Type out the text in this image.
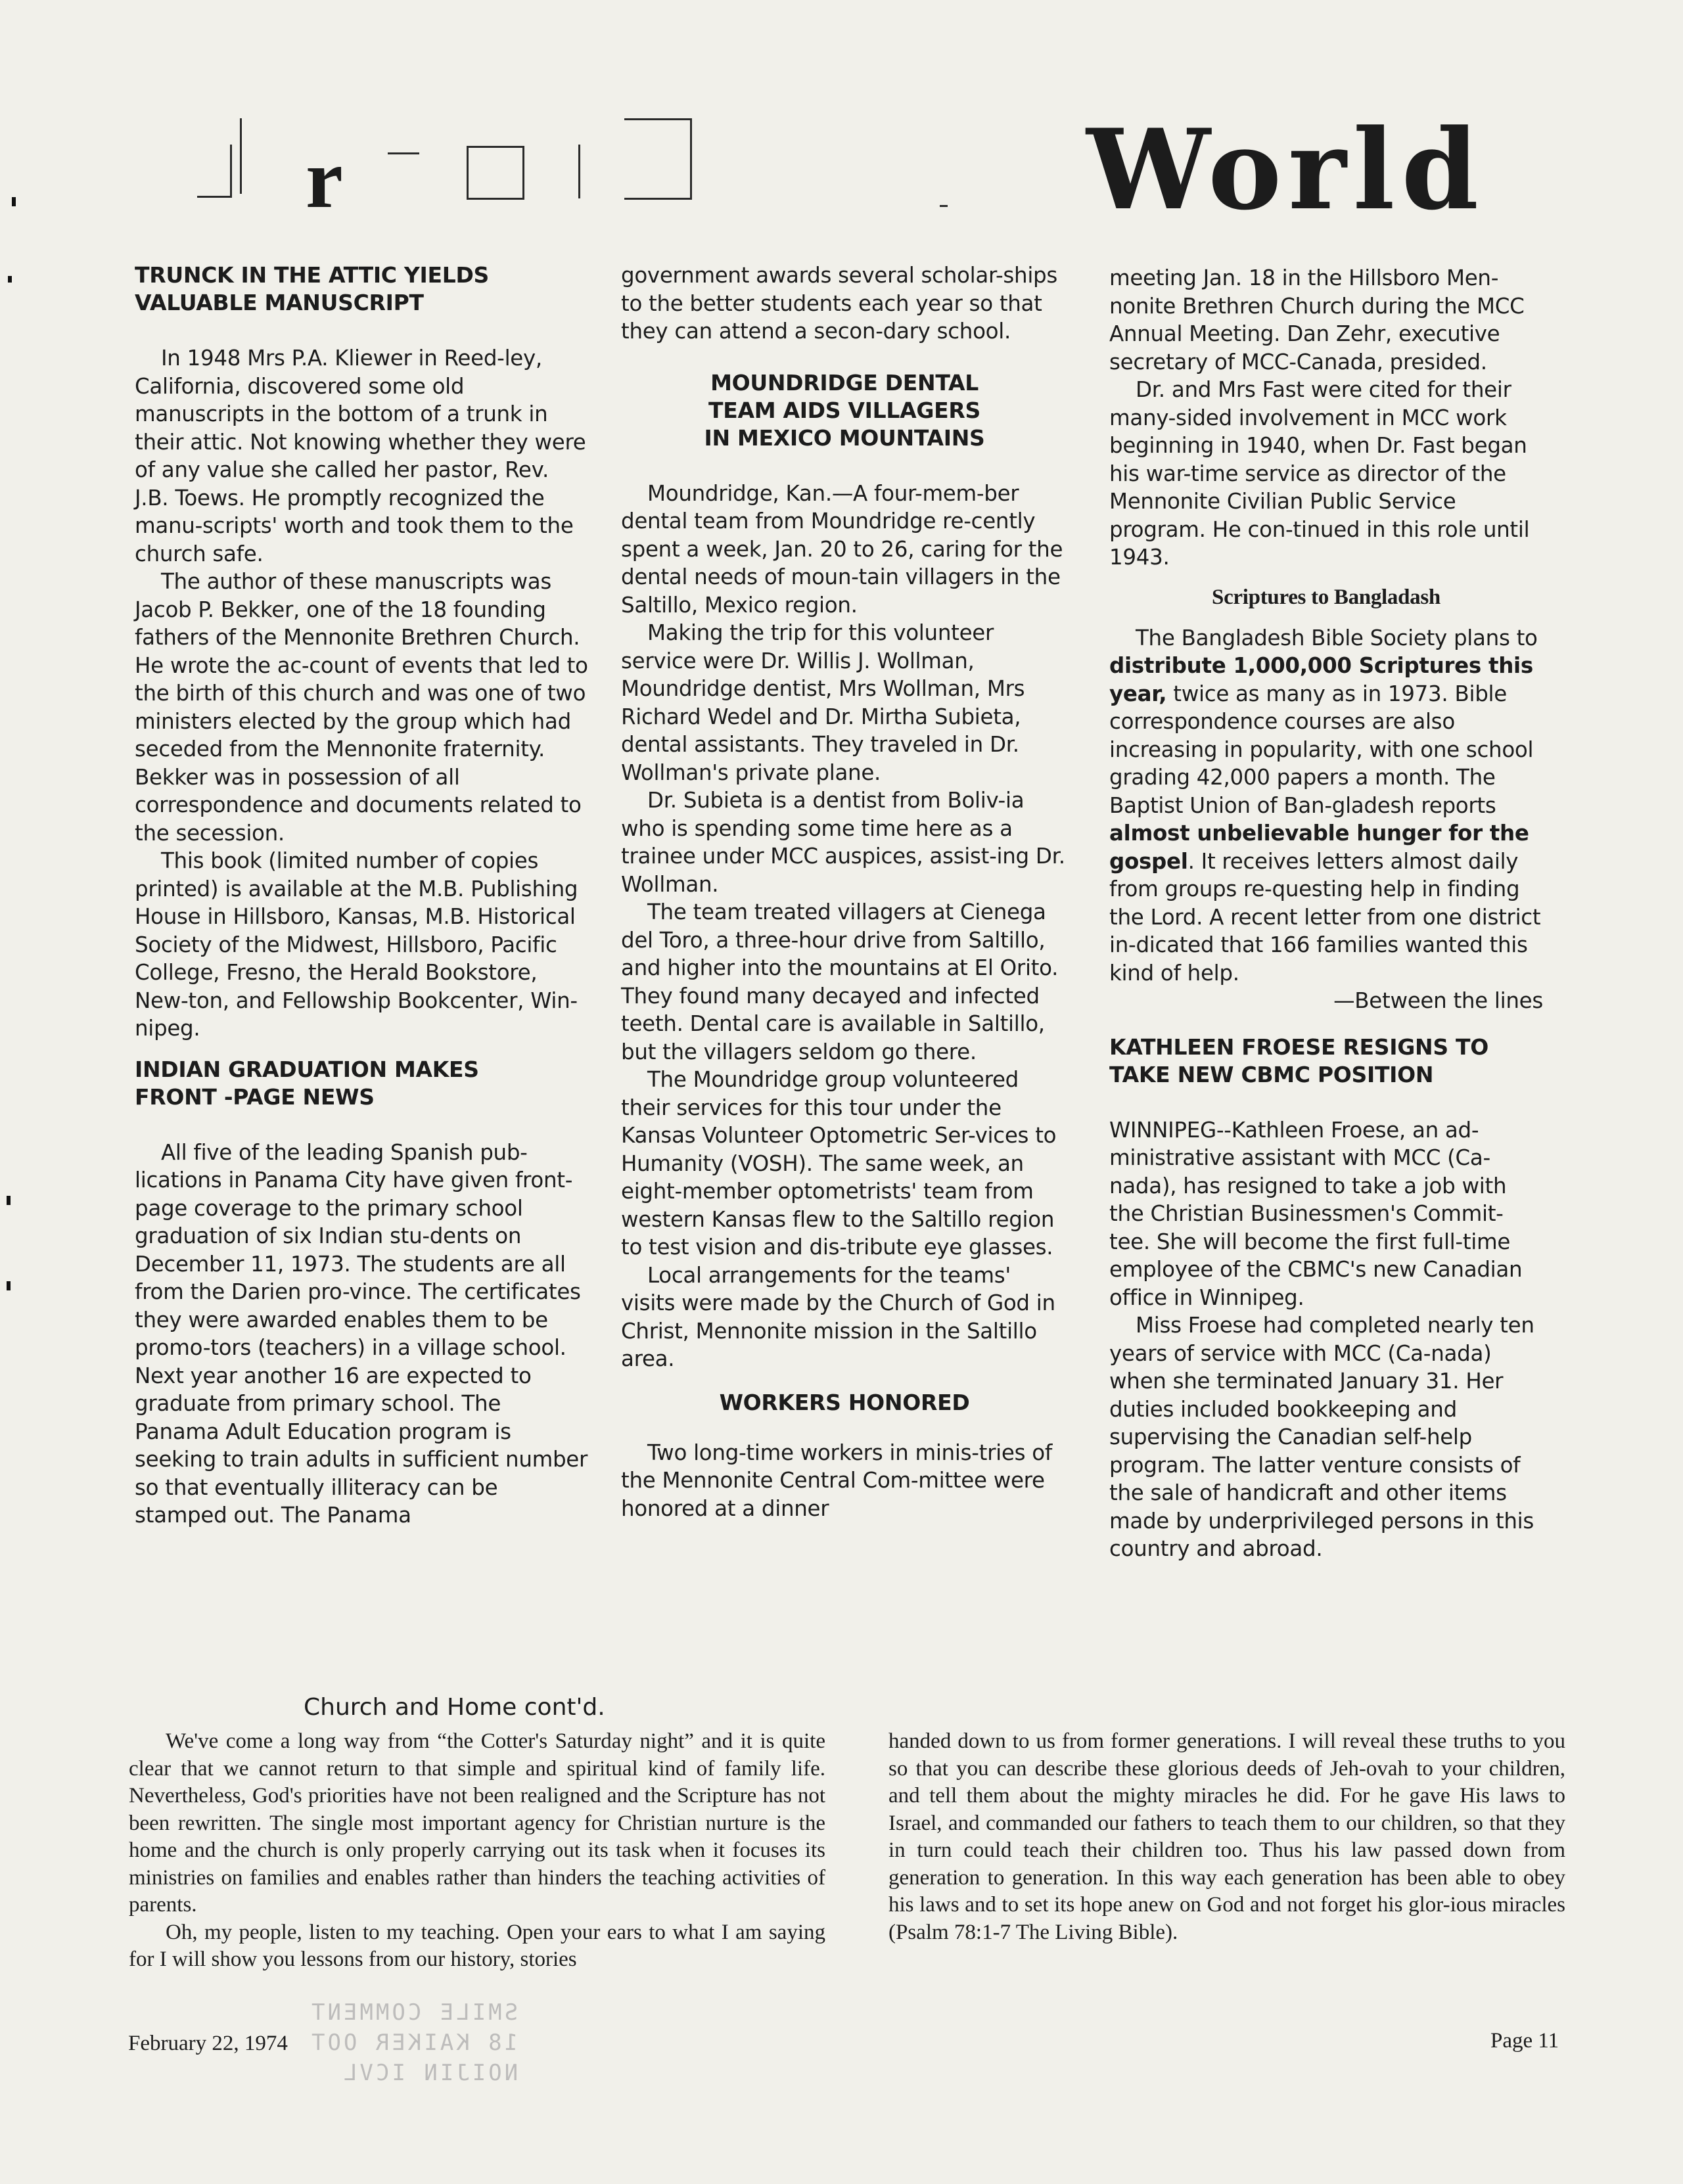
r	World
TRUNCK IN THE ATTIC YIELDS
VALUABLE MANUSCRIPT

In 1948 Mrs P.A. Kliewer in Reed-ley, California, discovered some old manuscripts in the bottom of a trunk in their attic. Not knowing whether they were of any value she called her pastor, Rev. J.B. Toews. He promptly recognized the manu-scripts' worth and took them to the church safe.

The author of these manuscripts was Jacob P. Bekker, one of the 18 founding fathers of the Mennonite Brethren Church. He wrote the ac-count of events that led to the birth of this church and was one of two ministers elected by the group which had seceded from the Mennonite fraternity. Bekker was in possession of all correspondence and documents related to the secession.

This book (limited number of copies printed) is available at the M.B. Publishing House in Hillsboro, Kansas, M.B. Historical Society of the Midwest, Hillsboro, Pacific College, Fresno, the Herald Bookstore, New-ton, and Fellowship Bookcenter, Win-nipeg.

INDIAN GRADUATION MAKES
FRONT -PAGE NEWS

All five of the leading Spanish pub-lications in Panama City have given front-page coverage to the primary school graduation of six Indian stu-dents on December 11, 1973. The students are all from the Darien pro-vince. The certificates they were awarded enables them to be promo-tors (teachers) in a village school. Next year another 16 are expected to graduate from primary school. The Panama Adult Education program is seeking to train adults in sufficient number so that eventually illiteracy can be stamped out. The Panama

government awards several scholar-ships to the better students each year so that they can attend a secon-dary school.

MOUNDRIDGE DENTAL
TEAM AIDS VILLAGERS
IN MEXICO MOUNTAINS

Moundridge, Kan.—A four-mem-ber dental team from Moundridge re-cently spent a week, Jan. 20 to 26, caring for the dental needs of moun-tain villagers in the Saltillo, Mexico region.

Making the trip for this volunteer service were Dr. Willis J. Wollman, Moundridge dentist, Mrs Wollman, Mrs Richard Wedel and Dr. Mirtha Subieta, dental assistants. They traveled in Dr. Wollman's private plane.

Dr. Subieta is a dentist from Boliv-ia who is spending some time here as a trainee under MCC auspices, assist-ing Dr. Wollman.

The team treated villagers at Cienega del Toro, a three-hour drive from Saltillo, and higher into the mountains at El Orito. They found many decayed and infected teeth. Dental care is available in Saltillo, but the villagers seldom go there.

The Moundridge group volunteered their services for this tour under the Kansas Volunteer Optometric Ser-vices to Humanity (VOSH). The same week, an eight-member optometrists' team from western Kansas flew to the Saltillo region to test vision and dis-tribute eye glasses.

Local arrangements for the teams' visits were made by the Church of God in Christ, Mennonite mission in the Saltillo area.

WORKERS HONORED

Two long-time workers in minis-tries of the Mennonite Central Com-mittee were honored at a dinner

meeting Jan. 18 in the Hillsboro Men-nonite Brethren Church during the MCC Annual Meeting. Dan Zehr, executive secretary of MCC-Canada, presided.

Dr. and Mrs Fast were cited for their many-sided involvement in MCC work beginning in 1940, when Dr. Fast began his war-time service as director of the Mennonite Civilian Public Service program. He con-tinued in this role until 1943.

Scriptures to Bangladash

The Bangladesh Bible Society plans to distribute 1,000,000 Scriptures this year, twice as many as in 1973. Bible correspondence courses are also increasing in popularity, with one school grading 42,000 papers a month. The Baptist Union of Ban-gladesh reports almost unbelievable hunger for the gospel. It receives letters almost daily from groups re-questing help in finding the Lord. A recent letter from one district in-dicated that 166 families wanted this kind of help.

—Between the lines
KATHLEEN FROESE RESIGNS TO
TAKE NEW CBMC POSITION

WINNIPEG--Kathleen Froese, an ad-ministrative assistant with MCC (Ca-nada), has resigned to take a job with the Christian Businessmen's Commit-tee. She will become the first full-time employee of the CBMC's new Canadian office in Winnipeg.

Miss Froese had completed nearly ten years of service with MCC (Ca-nada) when she terminated January 31. Her duties included bookkeeping and supervising the Canadian self-help program. The latter venture consists of the sale of handicraft and other items made by underprivileged persons in this country and abroad.

Church and Home cont'd.

We've come a long way from “the Cotter's Saturday night” and it is quite clear that we cannot return to that simple and spiritual kind of family life. Nevertheless, God's priorities have not been realigned and the Scripture has not been rewritten. The single most important agency for Christian nurture is the home and the church is only properly carrying out its task when it focuses its ministries on families and enables rather than hinders the teaching activities of parents.

Oh, my people, listen to my teaching. Open your ears to what I am saying for I will show you lessons from our history, stories

handed down to us from former generations. I will reveal these truths to you so that you can describe these glorious deeds of Jeh-ovah to your children, and tell them about the mighty miracles he did. For he gave His laws to Israel, and commanded our fathers to teach them to our children, so that they in turn could teach their children too. Thus his law passed down from generation to generation. In this way each generation has been able to obey his laws and to set its hope anew on God and not forget his glor-ious miracles (Psalm 78:1-7 The Living Bible).

SMILE COMMENT
18 KAIKER OOT
NOIJIN ICVL
February 22, 1974	Page 11
